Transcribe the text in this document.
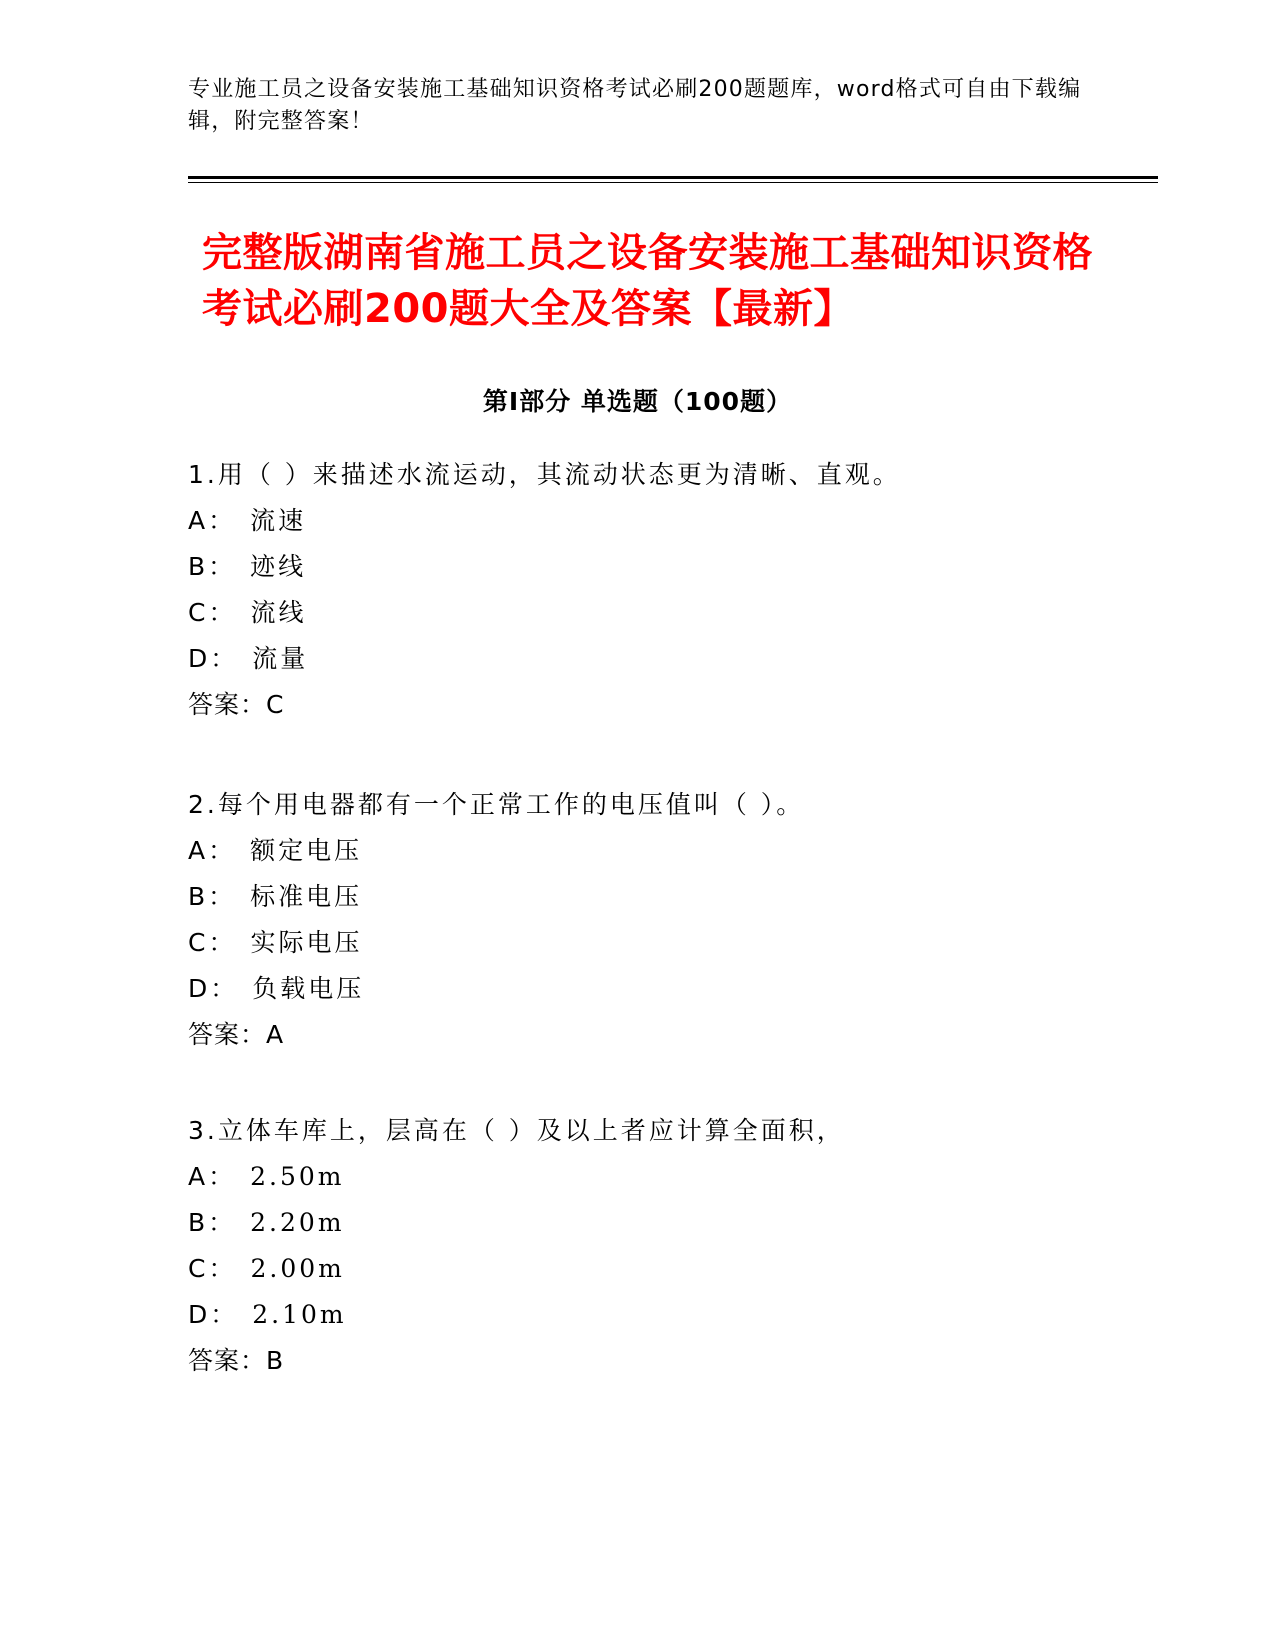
专业施工员之设备安装施工基础知识资格考试必刷200题题库，word格式可自由下载编辑，附完整答案！
完整版湖南省施工员之设备安装施工基础知识资格考试必刷200题大全及答案【最新】
第I部分 单选题（100题）
1.用（ ）来描述水流运动，其流动状态更为清晰、直观。
A： 流速
B： 迹线
C： 流线
D： 流量
答案：C
2.每个用电器都有一个正常工作的电压值叫（ ）。
A： 额定电压
B： 标准电压
C： 实际电压
D： 负载电压
答案：A
3.立体车库上，层高在（ ）及以上者应计算全面积，
A： 2.50m
B： 2.20m
C： 2.00m
D： 2.10m
答案：B
